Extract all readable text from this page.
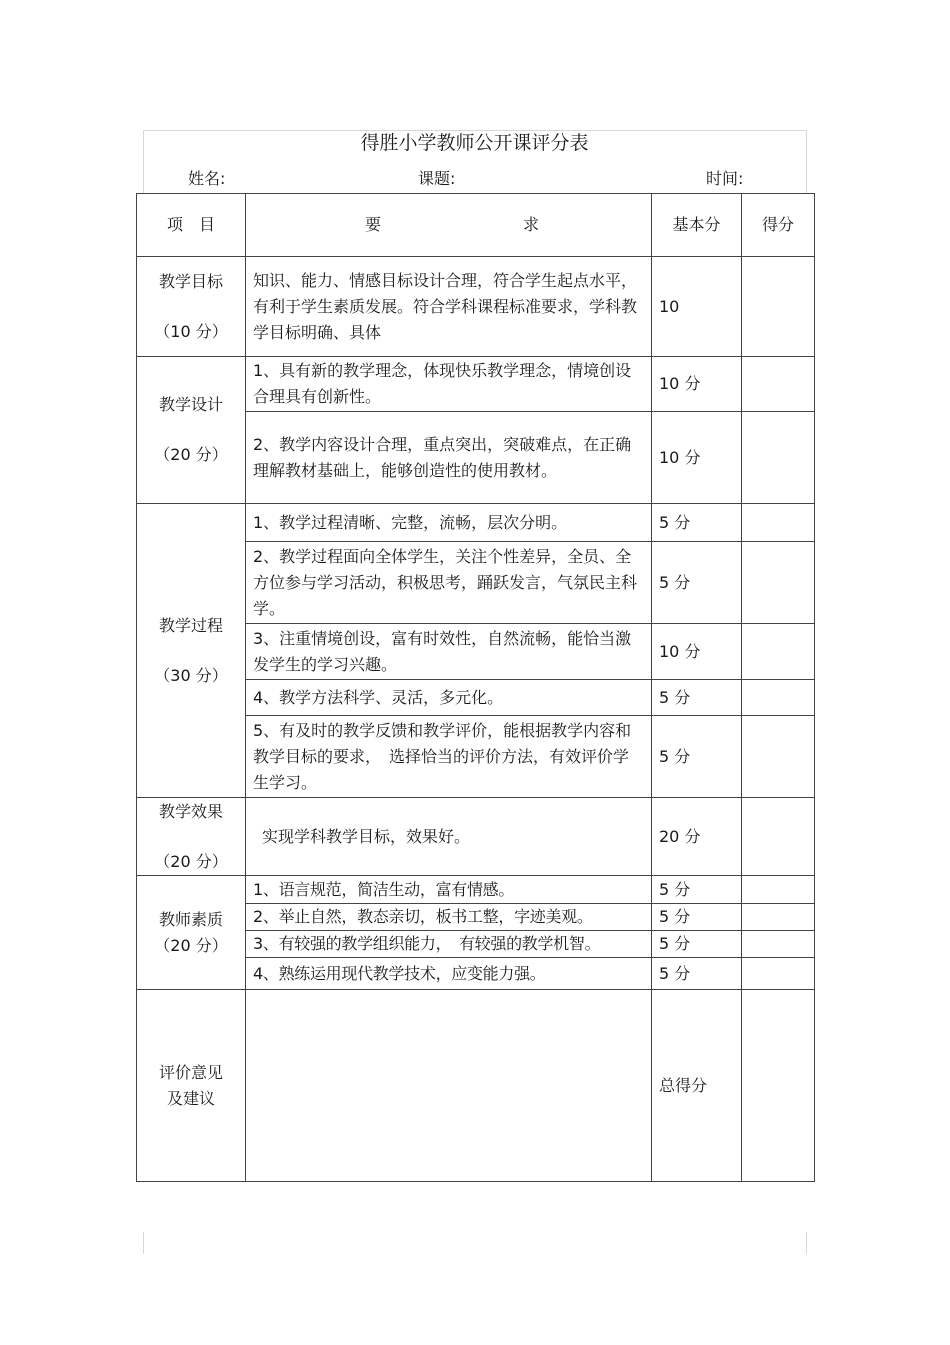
得胜小学教师公开课评分表
姓名:	课题:	时间:
项　目	要 求	基本分	得分

教学目标
（10 分）	知识、能力、情感目标设计合理，符合学生起点水平，有利于学生素质发展。符合学科课程标准要求，学科教学目标明确、具体	10	

教学设计
（20 分）	1、具有新的教学理念，体现快乐教学理念，情境创设合理具有创新性。	10 分	
	2、教学内容设计合理，重点突出，突破难点，在正确理解教材基础上，能够创造性的使用教材。	10 分	

教学过程
（30 分）	1、教学过程清晰、完整，流畅，层次分明。	5 分	
	2、教学过程面向全体学生，关注个性差异，全员、全方位参与学习活动，积极思考，踊跃发言，气氛民主科学。	5 分	
	3、注重情境创设，富有时效性，自然流畅，能恰当激发学生的学习兴趣。	10 分	
	4、教学方法科学、灵活，多元化。	5 分	
	5、有及时的教学反馈和教学评价，能根据教学内容和教学目标的要求，　选择恰当的评价方法，有效评价学生学习。	5 分	

教学效果
（20 分）	实现学科教学目标，效果好。	20 分	

教师素质
（20 分）	1、语言规范，简洁生动，富有情感。	5 分	
	2、举止自然，教态亲切，板书工整，字迹美观。	5 分	
	3、有较强的教学组织能力，　有较强的教学机智。	5 分	
	4、熟练运用现代教学技术，应变能力强。	5 分	

评价意见
及建议		总得分	
